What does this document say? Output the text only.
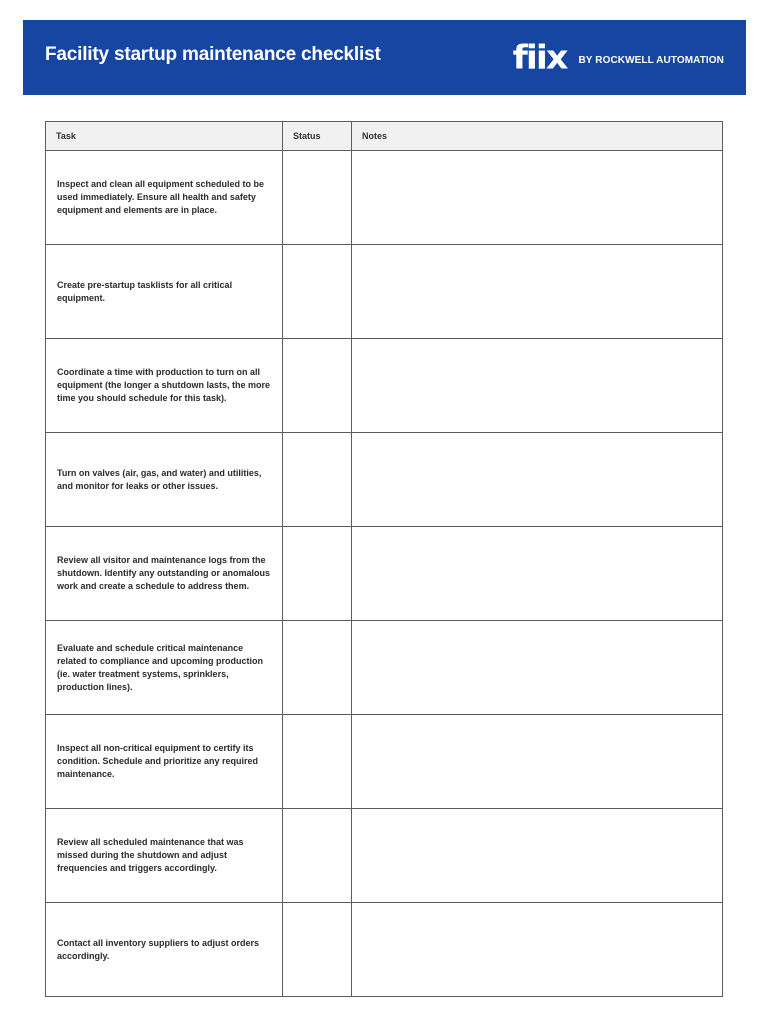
Facility startup maintenance checklist	fiix BY ROCKWELL AUTOMATION
Task	Status	Notes
Inspect and clean all equipment scheduled to be used immediately. Ensure all health and safety equipment and elements are in place.		
Create pre-startup tasklists for all critical equipment.		
Coordinate a time with production to turn on all equipment (the longer a shutdown lasts, the more time you should schedule for this task).		
Turn on valves (air, gas, and water) and utilities, and monitor for leaks or other issues.		
Review all visitor and maintenance logs from the shutdown. Identify any outstanding or anomalous work and create a schedule to address them.		
Evaluate and schedule critical maintenance related to compliance and upcoming production (ie. water treatment systems, sprinklers, production lines).		
Inspect all non-critical equipment to certify its condition. Schedule and prioritize any required maintenance.		
Review all scheduled maintenance that was missed during the shutdown and adjust frequencies and triggers accordingly.		
Contact all inventory suppliers to adjust orders accordingly.		
